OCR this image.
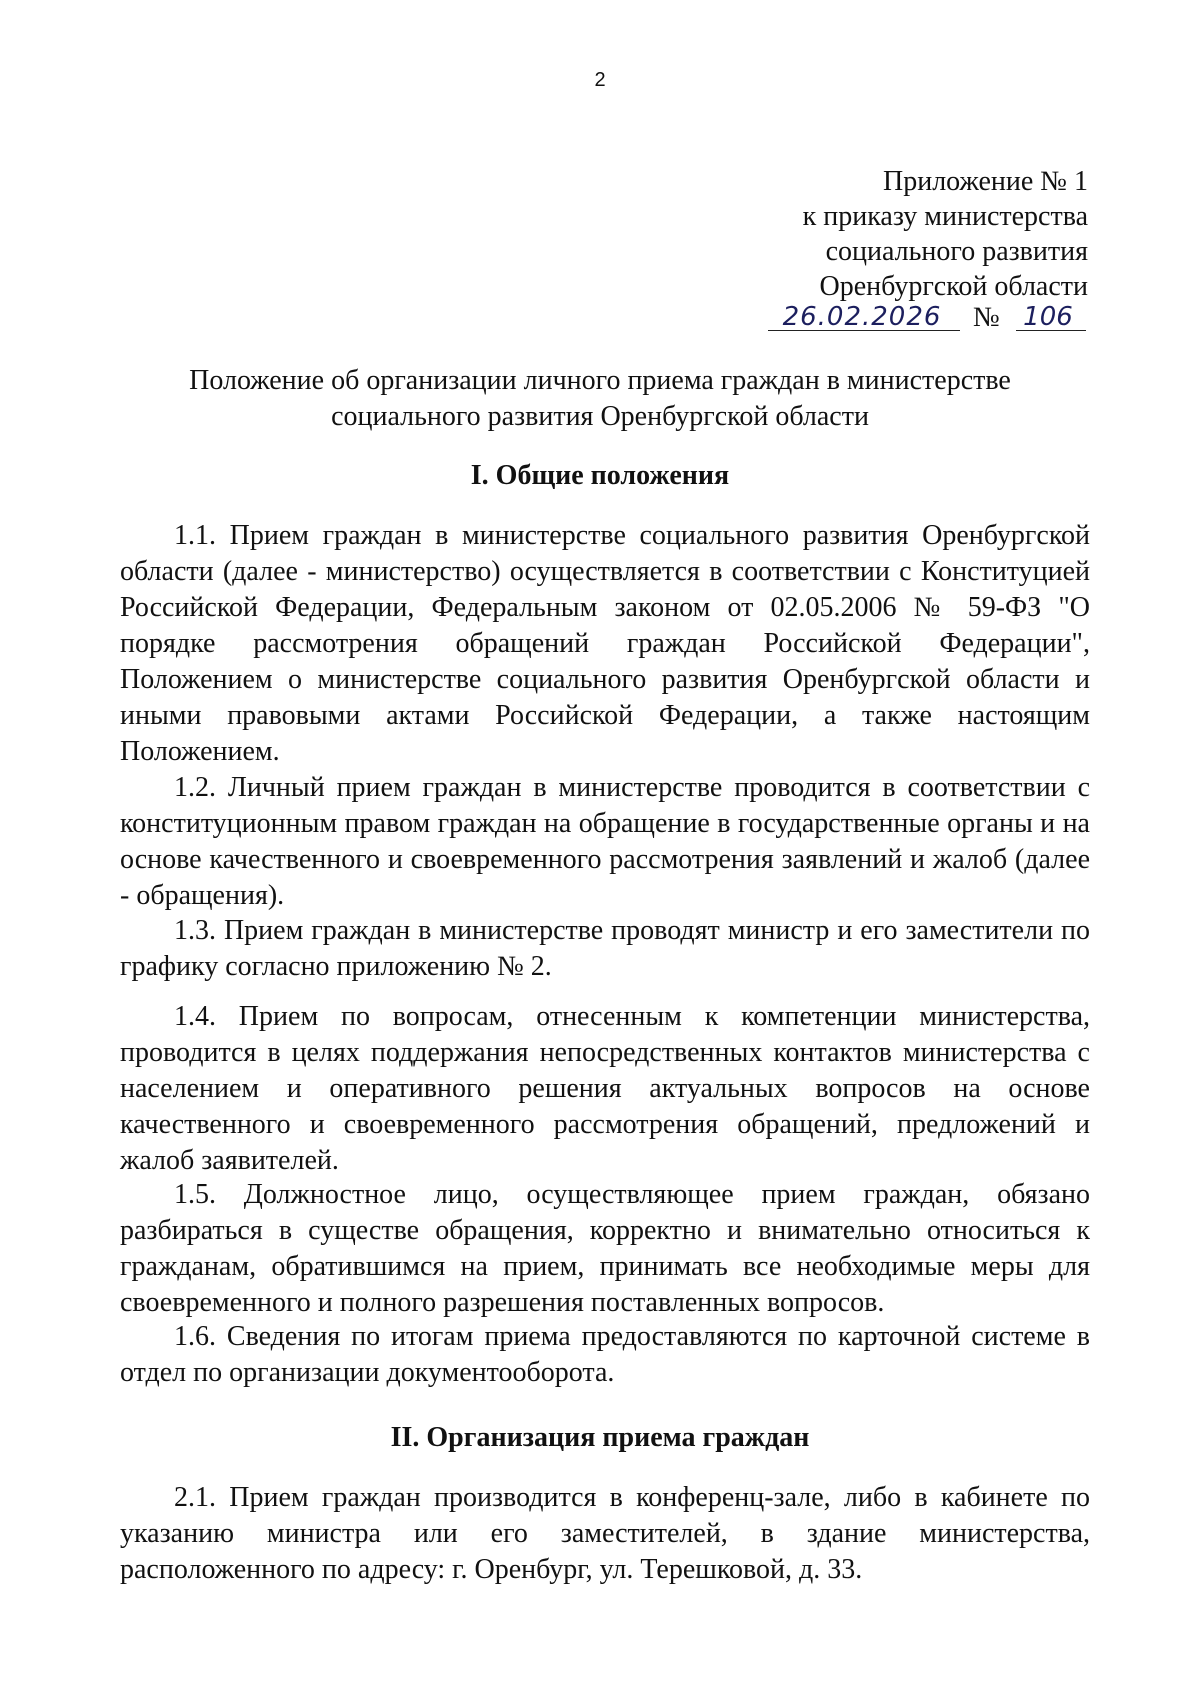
2
Приложение № 1
к приказу министерства
социального развития
Оренбургской области
26.02.2026	№ 106
Положение об организации личного приема граждан в министерстве
социального развития Оренбургской области
I. Общие положения

1.1. Прием граждан в министерстве социального развития Оренбургской области (далее - министерство) осуществляется в соответствии с Конституцией Российской Федерации, Федеральным законом от 02.05.2006 № 59-ФЗ "О порядке рассмотрения обращений граждан Российской Федерации", Положением о министерстве социального развития Оренбургской области и иными правовыми актами Российской Федерации, а также настоящим Положением.

1.2. Личный прием граждан в министерстве проводится в соответствии с конституционным правом граждан на обращение в государственные органы и на основе качественного и своевременного рассмотрения заявлений и жалоб (далее - обращения).

1.3. Прием граждан в министерстве проводят министр и его заместители по графику согласно приложению № 2.

1.4. Прием по вопросам, отнесенным к компетенции министерства, проводится в целях поддержания непосредственных контактов министерства с населением и оперативного решения актуальных вопросов на основе качественного и своевременного рассмотрения обращений, предложений и жалоб заявителей.

1.5. Должностное лицо, осуществляющее прием граждан, обязано разбираться в существе обращения, корректно и внимательно относиться к гражданам, обратившимся на прием, принимать все необходимые меры для своевременного и полного разрешения поставленных вопросов.

1.6. Сведения по итогам приема предоставляются по карточной системе в отдел по организации документооборота.

II. Организация приема граждан

2.1. Прием граждан производится в конференц-зале, либо в кабинете по указанию министра или его заместителей, в здание министерства, расположенного по адресу: г. Оренбург, ул. Терешковой, д. 33.
